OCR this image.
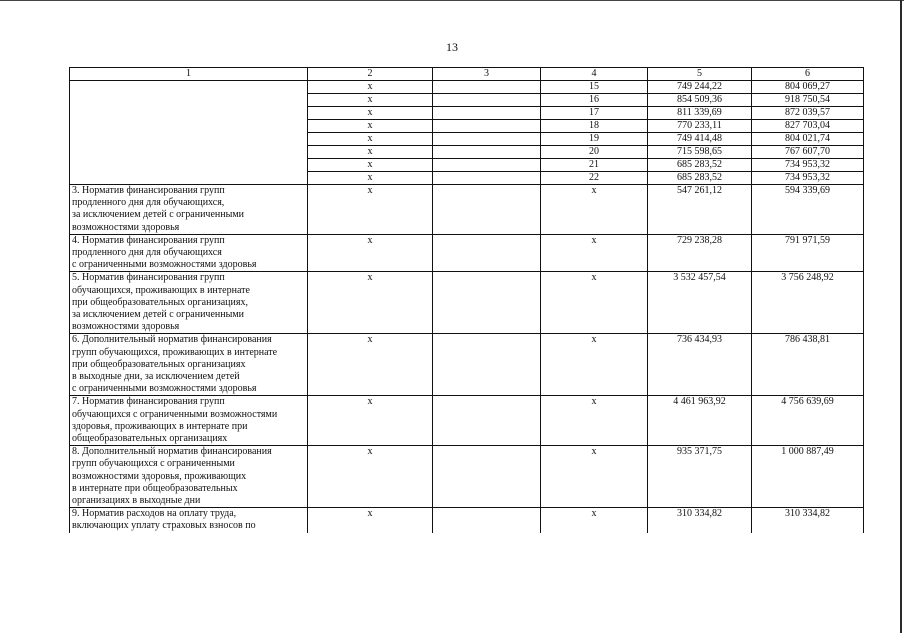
13
1	2	3	4	5	6
	x		15	749 244,22	804 069,27
	x		16	854 509,36	918 750,54
	x		17	811 339,69	872 039,57
	x		18	770 233,11	827 703,04
	x		19	749 414,48	804 021,74
	x		20	715 598,65	767 607,70
	x		21	685 283,52	734 953,32
	x		22	685 283,52	734 953,32

3. Норматив финансирования групп
продленного дня для обучающихся,
за исключением детей с ограниченными
возможностями здоровья	x		x	547 261,12	594 339,69

4. Норматив финансирования групп
продленного дня для обучающихся
с ограниченными возможностями здоровья	x		x	729 238,28	791 971,59

5. Норматив финансирования групп
обучающихся, проживающих в интернате
при общеобразовательных организациях,
за исключением детей с ограниченными
возможностями здоровья	x		x	3 532 457,54	3 756 248,92

6. Дополнительный норматив финансирования
групп обучающихся, проживающих в интернате
при общеобразовательных организациях
в выходные дни, за исключением детей
с ограниченными возможностями здоровья	x		x	736 434,93	786 438,81

7. Норматив финансирования групп
обучающихся с ограниченными возможностями
здоровья, проживающих в интернате при
общеобразовательных организациях	x		x	4 461 963,92	4 756 639,69

8. Дополнительный норматив финансирования
групп обучающихся с ограниченными
возможностями здоровья, проживающих
в интернате при общеобразовательных
организациях в выходные дни	x		x	935 371,75	1 000 887,49

9. Норматив расходов на оплату труда,
включающих уплату страховых взносов по	x		x	310 334,82	310 334,82
